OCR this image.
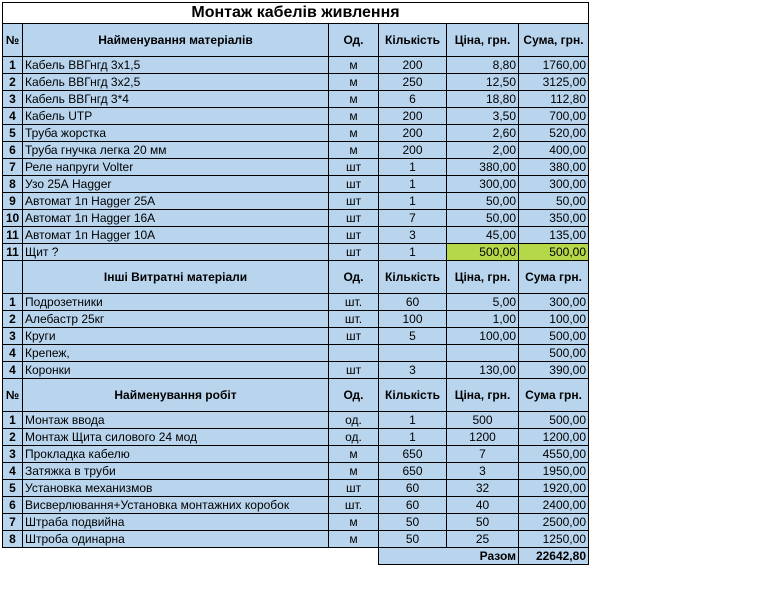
Монтаж кабелів живлення					
№	Найменування матеріалів	Од.	Кількість	Ціна, грн.	Сума, грн.
1	Кабель ВВГнгд 3х1,5	м	200	8,80	1760,00
2	Кабель ВВГнгд 3х2,5	м	250	12,50	3125,00
3	Кабель ВВГнгд 3*4	м	6	18,80	112,80
4	Кабель UTP	м	200	3,50	700,00
5	Труба жорстка	м	200	2,60	520,00
6	Труба гнучка легка 20 мм	м	200	2,00	400,00
7	Реле напруги Volter	шт	1	380,00	380,00
8	Узо 25А Hagger	шт	1	300,00	300,00
9	Автомат 1п Hagger 25A	шт	1	50,00	50,00
10	Автомат 1п Hagger 16A	шт	7	50,00	350,00
11	Автомат 1п Hagger 10A	шт	3	45,00	135,00
11	Щит ?	шт	1	500,00	500,00
	Інші Витратні матеріали	Од.	Кількість	Ціна, грн.	Сума грн.
1	Подрозетники	шт.	60	5,00	300,00
2	Алебастр 25кг	шт.	100	1,00	100,00
3	Круги	шт	5	100,00	500,00
4	Крепеж,				500,00
4	Коронки	шт	3	130,00	390,00
№	Найменування робіт	Од.	Кількість	Ціна, грн.	Сума грн.
1	Монтаж ввода	од.	1	500	500,00
2	Монтаж Щита силового 24 мод	од.	1	1200	1200,00
3	Прокладка кабелю	м	650	7	4550,00
4	Затяжка в труби	м	650	3	1950,00
5	Установка механизмов	шт	60	32	1920,00
6	Висверлювання+Установка монтажних коробок	шт.	60	40	2400,00
7	Штраба подвийна	м	50	50	2500,00
8	Штроба одинарна	м	50	25	1250,00
			Разом		22642,80
